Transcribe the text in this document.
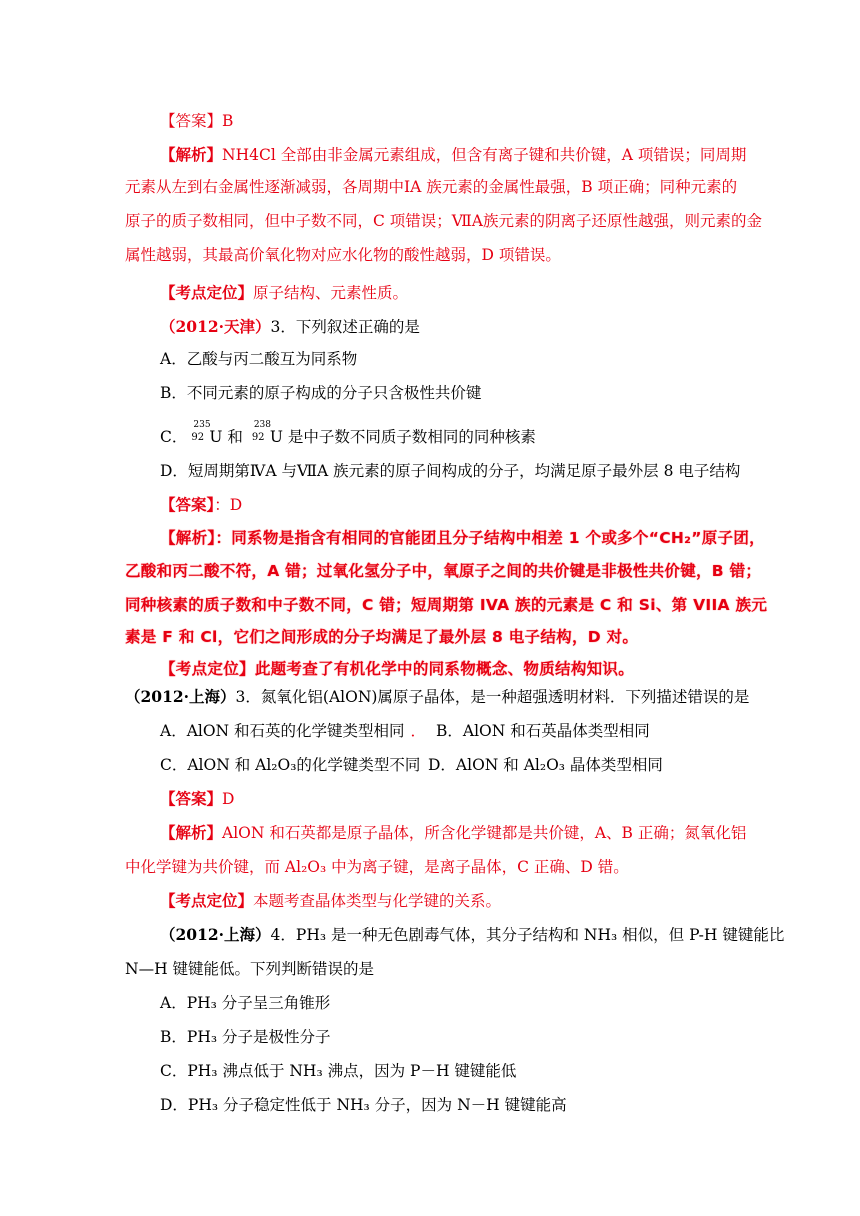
【答案】B
【解析】NH4Cl 全部由非金属元素组成，但含有离子键和共价键，A 项错误；同周期
元素从左到右金属性逐渐减弱，各周期中ⅠA 族元素的金属性最强，B 项正确；同种元素的
原子的质子数相同，但中子数不同，C 项错误；ⅦA族元素的阴离子还原性越强，则元素的金
属性越弱，其最高价氧化物对应水化物的酸性越弱，D 项错误。
【考点定位】原子结构、元素性质。
（2012·天津）3．下列叙述正确的是
A．乙酸与丙二酸互为同系物
B．不同元素的原子构成的分子只含极性共价键
C．
235
92 U 和
238
92 U 是中子数不同质子数相同的同种核素
D．短周期第ⅣA 与ⅦA 族元素的原子间构成的分子，均满足原子最外层 8 电子结构
【答案】：D
【解析】：同系物是指含有相同的官能团且分子结构中相差 1 个或多个“CH₂”原子团，
乙酸和丙二酸不符，A 错；过氧化氢分子中，氧原子之间的共价键是非极性共价键，B 错；
同种核素的质子数和中子数不同，C 错；短周期第 IVA 族的元素是 C 和 Si、第 VIIA 族元
素是 F 和 Cl，它们之间形成的分子均满足了最外层 8 电子结构，D 对。
【考点定位】此题考查了有机化学中的同系物概念、物质结构知识。
（2012·上海）3．氮氧化铝(AlON)属原子晶体，是一种超强透明材料．下列描述错误的是
A．AlON 和石英的化学键类型相同 ． B．AlON 和石英晶体类型相同
C．AlON 和 Al₂O₃的化学键类型不同 D．AlON 和 Al₂O₃ 晶体类型相同
【答案】D
【解析】AlON 和石英都是原子晶体，所含化学键都是共价键，A、B 正确；氮氧化铝
中化学键为共价键，而 Al₂O₃ 中为离子键，是离子晶体，C 正确、D 错。
【考点定位】本题考查晶体类型与化学键的关系。
（2012·上海）4．PH₃ 是一种无色剧毒气体，其分子结构和 NH₃ 相似，但 P-H 键键能比
N—H 键键能低。下列判断错误的是
A．PH₃ 分子呈三角锥形
B．PH₃ 分子是极性分子
C．PH₃ 沸点低于 NH₃ 沸点，因为 P－H 键键能低
D．PH₃ 分子稳定性低于 NH₃ 分子，因为 N－H 键键能高
